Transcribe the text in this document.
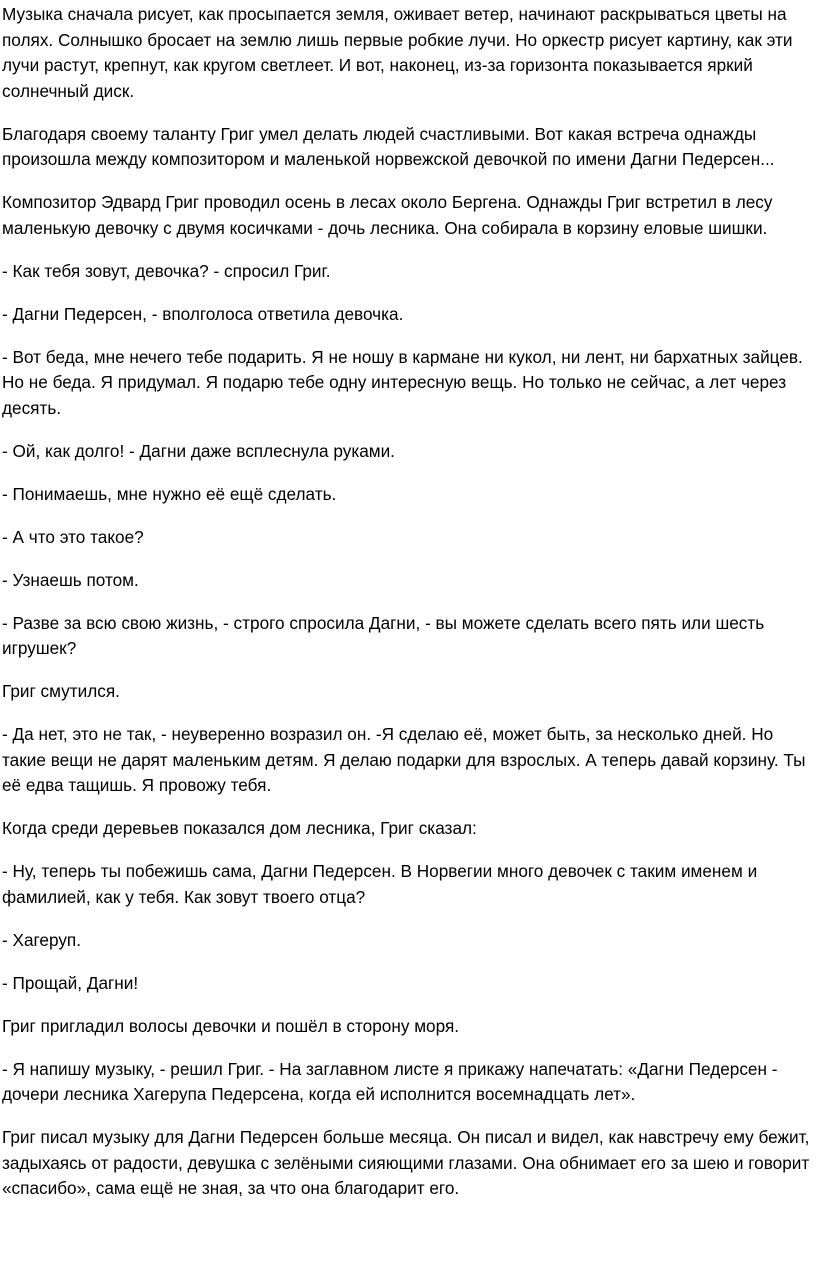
Музыка сначала рисует, как просыпается земля, оживает ветер, начинают раскрываться цветы на полях. Солнышко бросает на землю лишь первые робкие лучи. Но оркестр рисует картину, как эти лучи растут, крепнут, как кругом светлеет. И вот, наконец, из-за горизонта показывается яркий солнечный диск.

Благодаря своему таланту Григ умел делать людей счастливыми. Вот какая встреча однажды произошла между композитором и маленькой норвежской девочкой по имени Дагни Педерсен...

Композитор Эдвард Григ проводил осень в лесах около Бергена. Однажды Григ встретил в лесу маленькую девочку с двумя косичками - дочь лесника. Она собирала в корзину еловые шишки.

- Как тебя зовут, девочка? - спросил Григ.

- Дагни Педерсен, - вполголоса ответила девочка.

- Вот беда, мне нечего тебе подарить. Я не ношу в кармане ни кукол, ни лент, ни бархатных зайцев. Но не беда. Я придумал. Я подарю тебе одну интересную вещь. Но только не сейчас, а лет через десять.

- Ой, как долго! - Дагни даже всплеснула руками.

- Понимаешь, мне нужно её ещё сделать.

- А что это такое?

- Узнаешь потом.

- Разве за всю свою жизнь, - строго спросила Дагни, - вы можете сделать всего пять или шесть игрушек?

Григ смутился.

- Да нет, это не так, - неуверенно возразил он. -Я сделаю её, может быть, за несколько дней. Но такие вещи не дарят маленьким детям. Я делаю подарки для взрослых. А теперь давай корзину. Ты её едва тащишь. Я провожу тебя.

Когда среди деревьев показался дом лесника, Григ сказал:

- Ну, теперь ты побежишь сама, Дагни Педерсен. В Норвегии много девочек с таким именем и фамилией, как у тебя. Как зовут твоего отца?

- Хагеруп.

- Прощай, Дагни!

Григ пригладил волосы девочки и пошёл в сторону моря.

- Я напишу музыку, - решил Григ. - На заглавном листе я прикажу напечатать: «Дагни Педерсен - дочери лесника Хагерупа Педерсена, когда ей исполнится восемнадцать лет».

Григ писал музыку для Дагни Педерсен больше месяца. Он писал и видел, как навстречу ему бежит, задыхаясь от радости, девушка с зелёными сияющими глазами. Она обнимает его за шею и говорит «спасибо», сама ещё не зная, за что она благодарит его.
